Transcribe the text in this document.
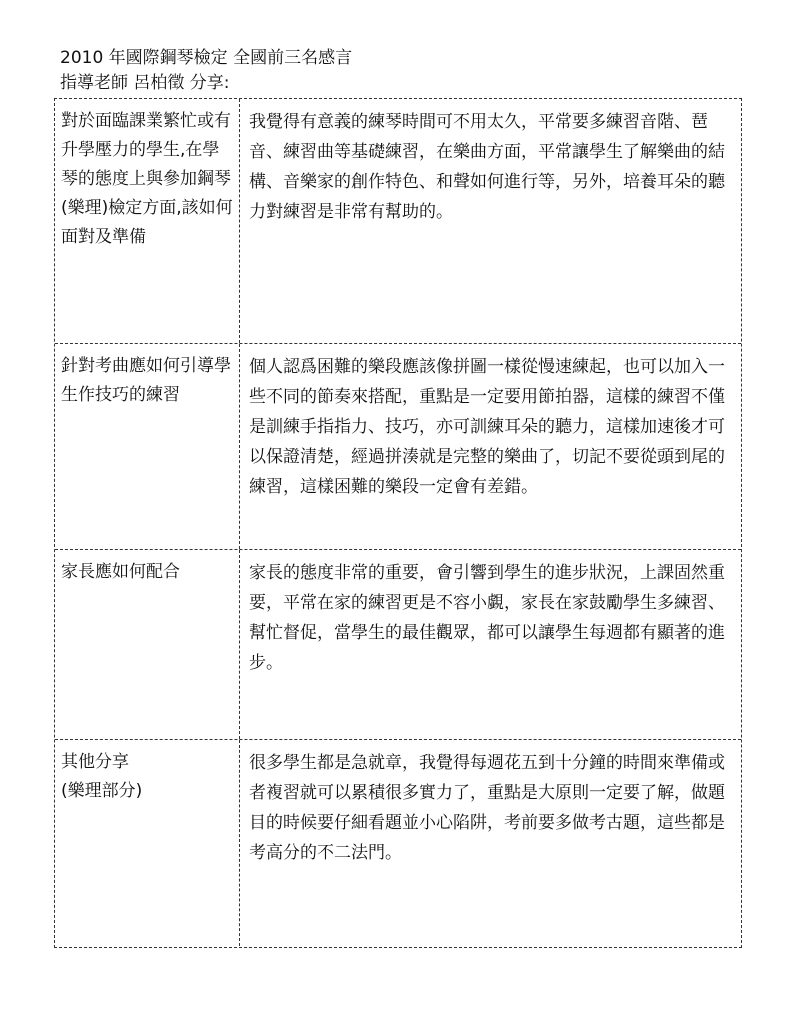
2010 年國際鋼琴檢定 全國前三名感言
指導老師 呂柏徵 分享:
對於面臨課業繁忙或有升學壓力的學生,在學琴的態度上與參加鋼琴(樂理)檢定方面,該如何面對及準備
我覺得有意義的練琴時間可不用太久，平常要多練習音階、琶音、練習曲等基礎練習，在樂曲方面，平常讓學生了解樂曲的結構、音樂家的創作特色、和聲如何進行等，另外，培養耳朵的聽力對練習是非常有幫助的。
針對考曲應如何引導學生作技巧的練習
個人認爲困難的樂段應該像拼圖一樣從慢速練起，也可以加入一些不同的節奏來搭配，重點是一定要用節拍器，這樣的練習不僅是訓練手指指力、技巧，亦可訓練耳朵的聽力，這樣加速後才可以保證清楚，經過拼湊就是完整的樂曲了，切記不要從頭到尾的練習，這樣困難的樂段一定會有差錯。
家長應如何配合	家長的態度非常的重要，會引響到學生的進步狀況，上課固然重要，平常在家的練習更是不容小覷，家長在家鼓勵學生多練習、幫忙督促，當學生的最佳觀眾，都可以讓學生每週都有顯著的進步。
其他分享
(樂理部分)
很多學生都是急就章，我覺得每週花五到十分鐘的時間來準備或者複習就可以累積很多實力了，重點是大原則一定要了解，做題目的時候要仔細看題並小心陷阱，考前要多做考古題，這些都是考高分的不二法門。
